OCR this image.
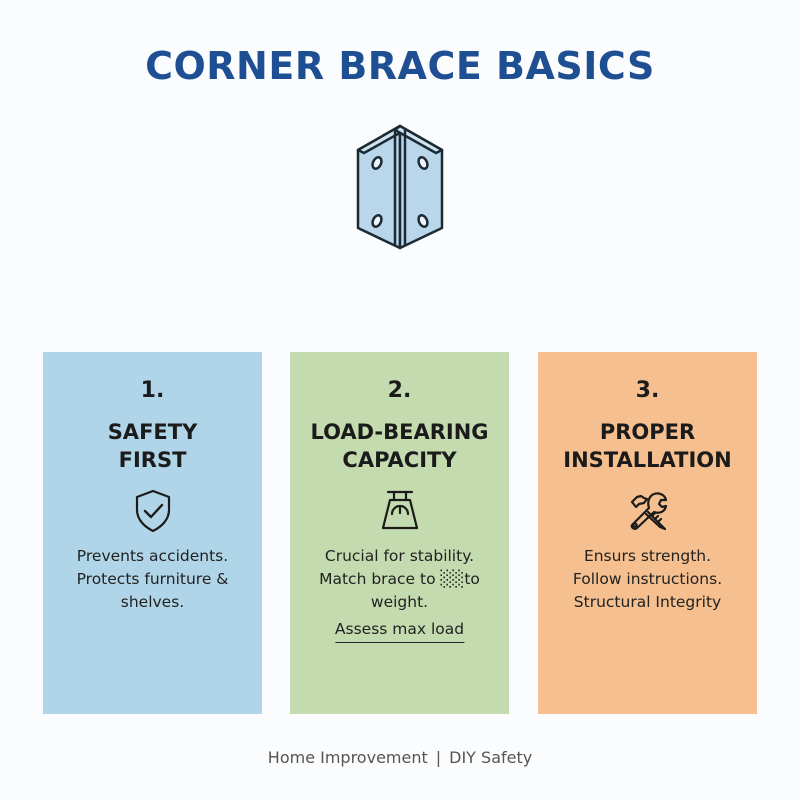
CORNER BRACE BASICS
1.
SAFETY
FIRST
Prevents accidents.
Protects furniture &
shelves.
2.
LOAD-BEARING
CAPACITY
Crucial for stability.
Match brace to ░░to
weight.
Assess max load
3.
PROPER
INSTALLATION
Ensurs strength.
Follow instructions.
Structural Integrity
Home Improvement | DIY Safety
